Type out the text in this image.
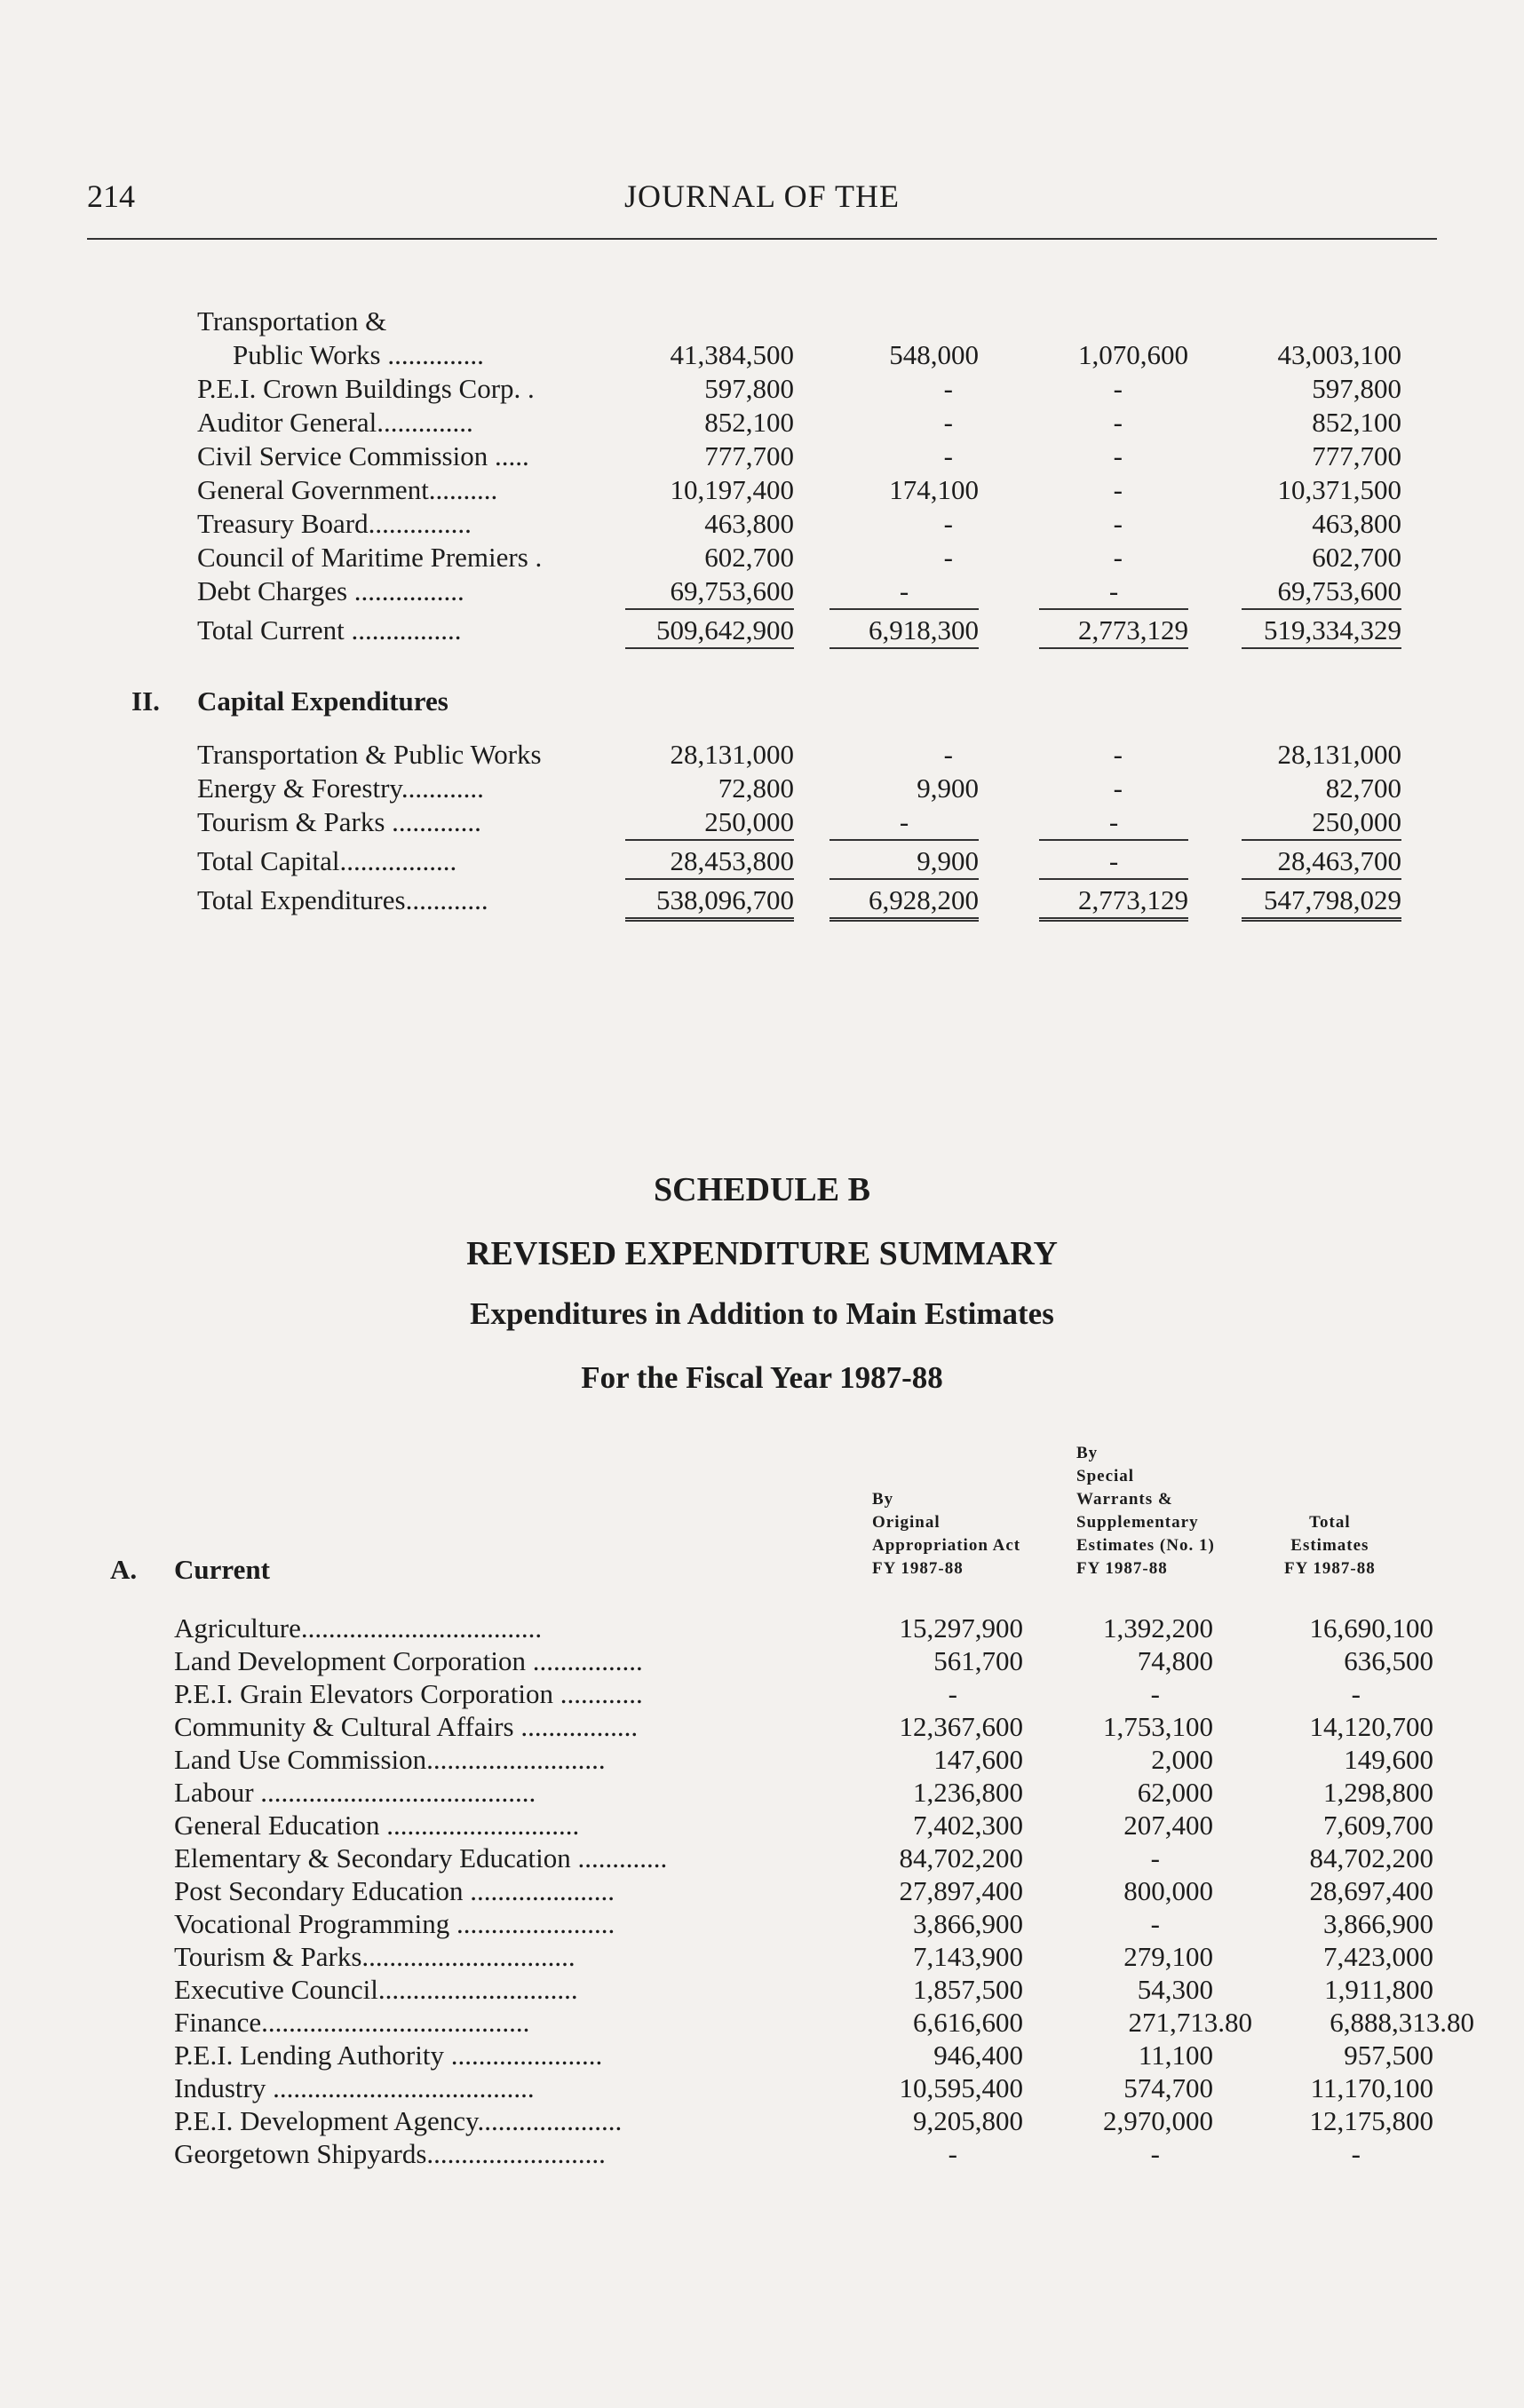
214	JOURNAL OF THE
Transportation &
Public Works ..............	41,384,500	548,000	1,070,600	43,003,100
P.E.I. Crown Buildings Corp. .	597,800	-	-	597,800
Auditor General..............	852,100	-	-	852,100
Civil Service Commission .....	777,700	-	-	777,700
General Government..........	10,197,400	174,100	-	10,371,500
Treasury Board...............	463,800	-	-	463,800
Council of Maritime Premiers .	602,700	-	-	602,700
Debt Charges ................	69,753,600	-	-	69,753,600
Total Current ................	509,642,900	6,918,300	2,773,129	519,334,329
II. Capital Expenditures
Transportation & Public Works	28,131,000	-	-	28,131,000
Energy & Forestry............	72,800	9,900	-	82,700
Tourism & Parks .............	250,000	-	-	250,000
Total Capital.................	28,453,800	9,900	-	28,463,700
Total Expenditures............	538,096,700	6,928,200	2,773,129	547,798,029
SCHEDULE B
REVISED EXPENDITURE SUMMARY
Expenditures in Addition to Main Estimates
For the Fiscal Year 1987-88
By
Original
Appropriation Act
FY 1987-88
By
Special
Warrants &
Supplementary
Estimates (No. 1)
FY 1987-88
Total
Estimates
FY 1987-88
A. Current
Agriculture...................................	15,297,900	1,392,200	16,690,100
Land Development Corporation ................	561,700	74,800	636,500
P.E.I. Grain Elevators Corporation ............	-	-	-
Community & Cultural Affairs .................	12,367,600	1,753,100	14,120,700
Land Use Commission..........................	147,600	2,000	149,600
Labour ........................................	1,236,800	62,000	1,298,800
General Education ............................	7,402,300	207,400	7,609,700
Elementary & Secondary Education .............	84,702,200	-	84,702,200
Post Secondary Education .....................	27,897,400	800,000	28,697,400
Vocational Programming .......................	3,866,900	-	3,866,900
Tourism & Parks...............................	7,143,900	279,100	7,423,000
Executive Council.............................	1,857,500	54,300	1,911,800
Finance.......................................	6,616,600	271,713.80	6,888,313.80
P.E.I. Lending Authority ......................	946,400	11,100	957,500
Industry ......................................	10,595,400	574,700	11,170,100
P.E.I. Development Agency.....................	9,205,800	2,970,000	12,175,800
Georgetown Shipyards..........................	-	-	-
